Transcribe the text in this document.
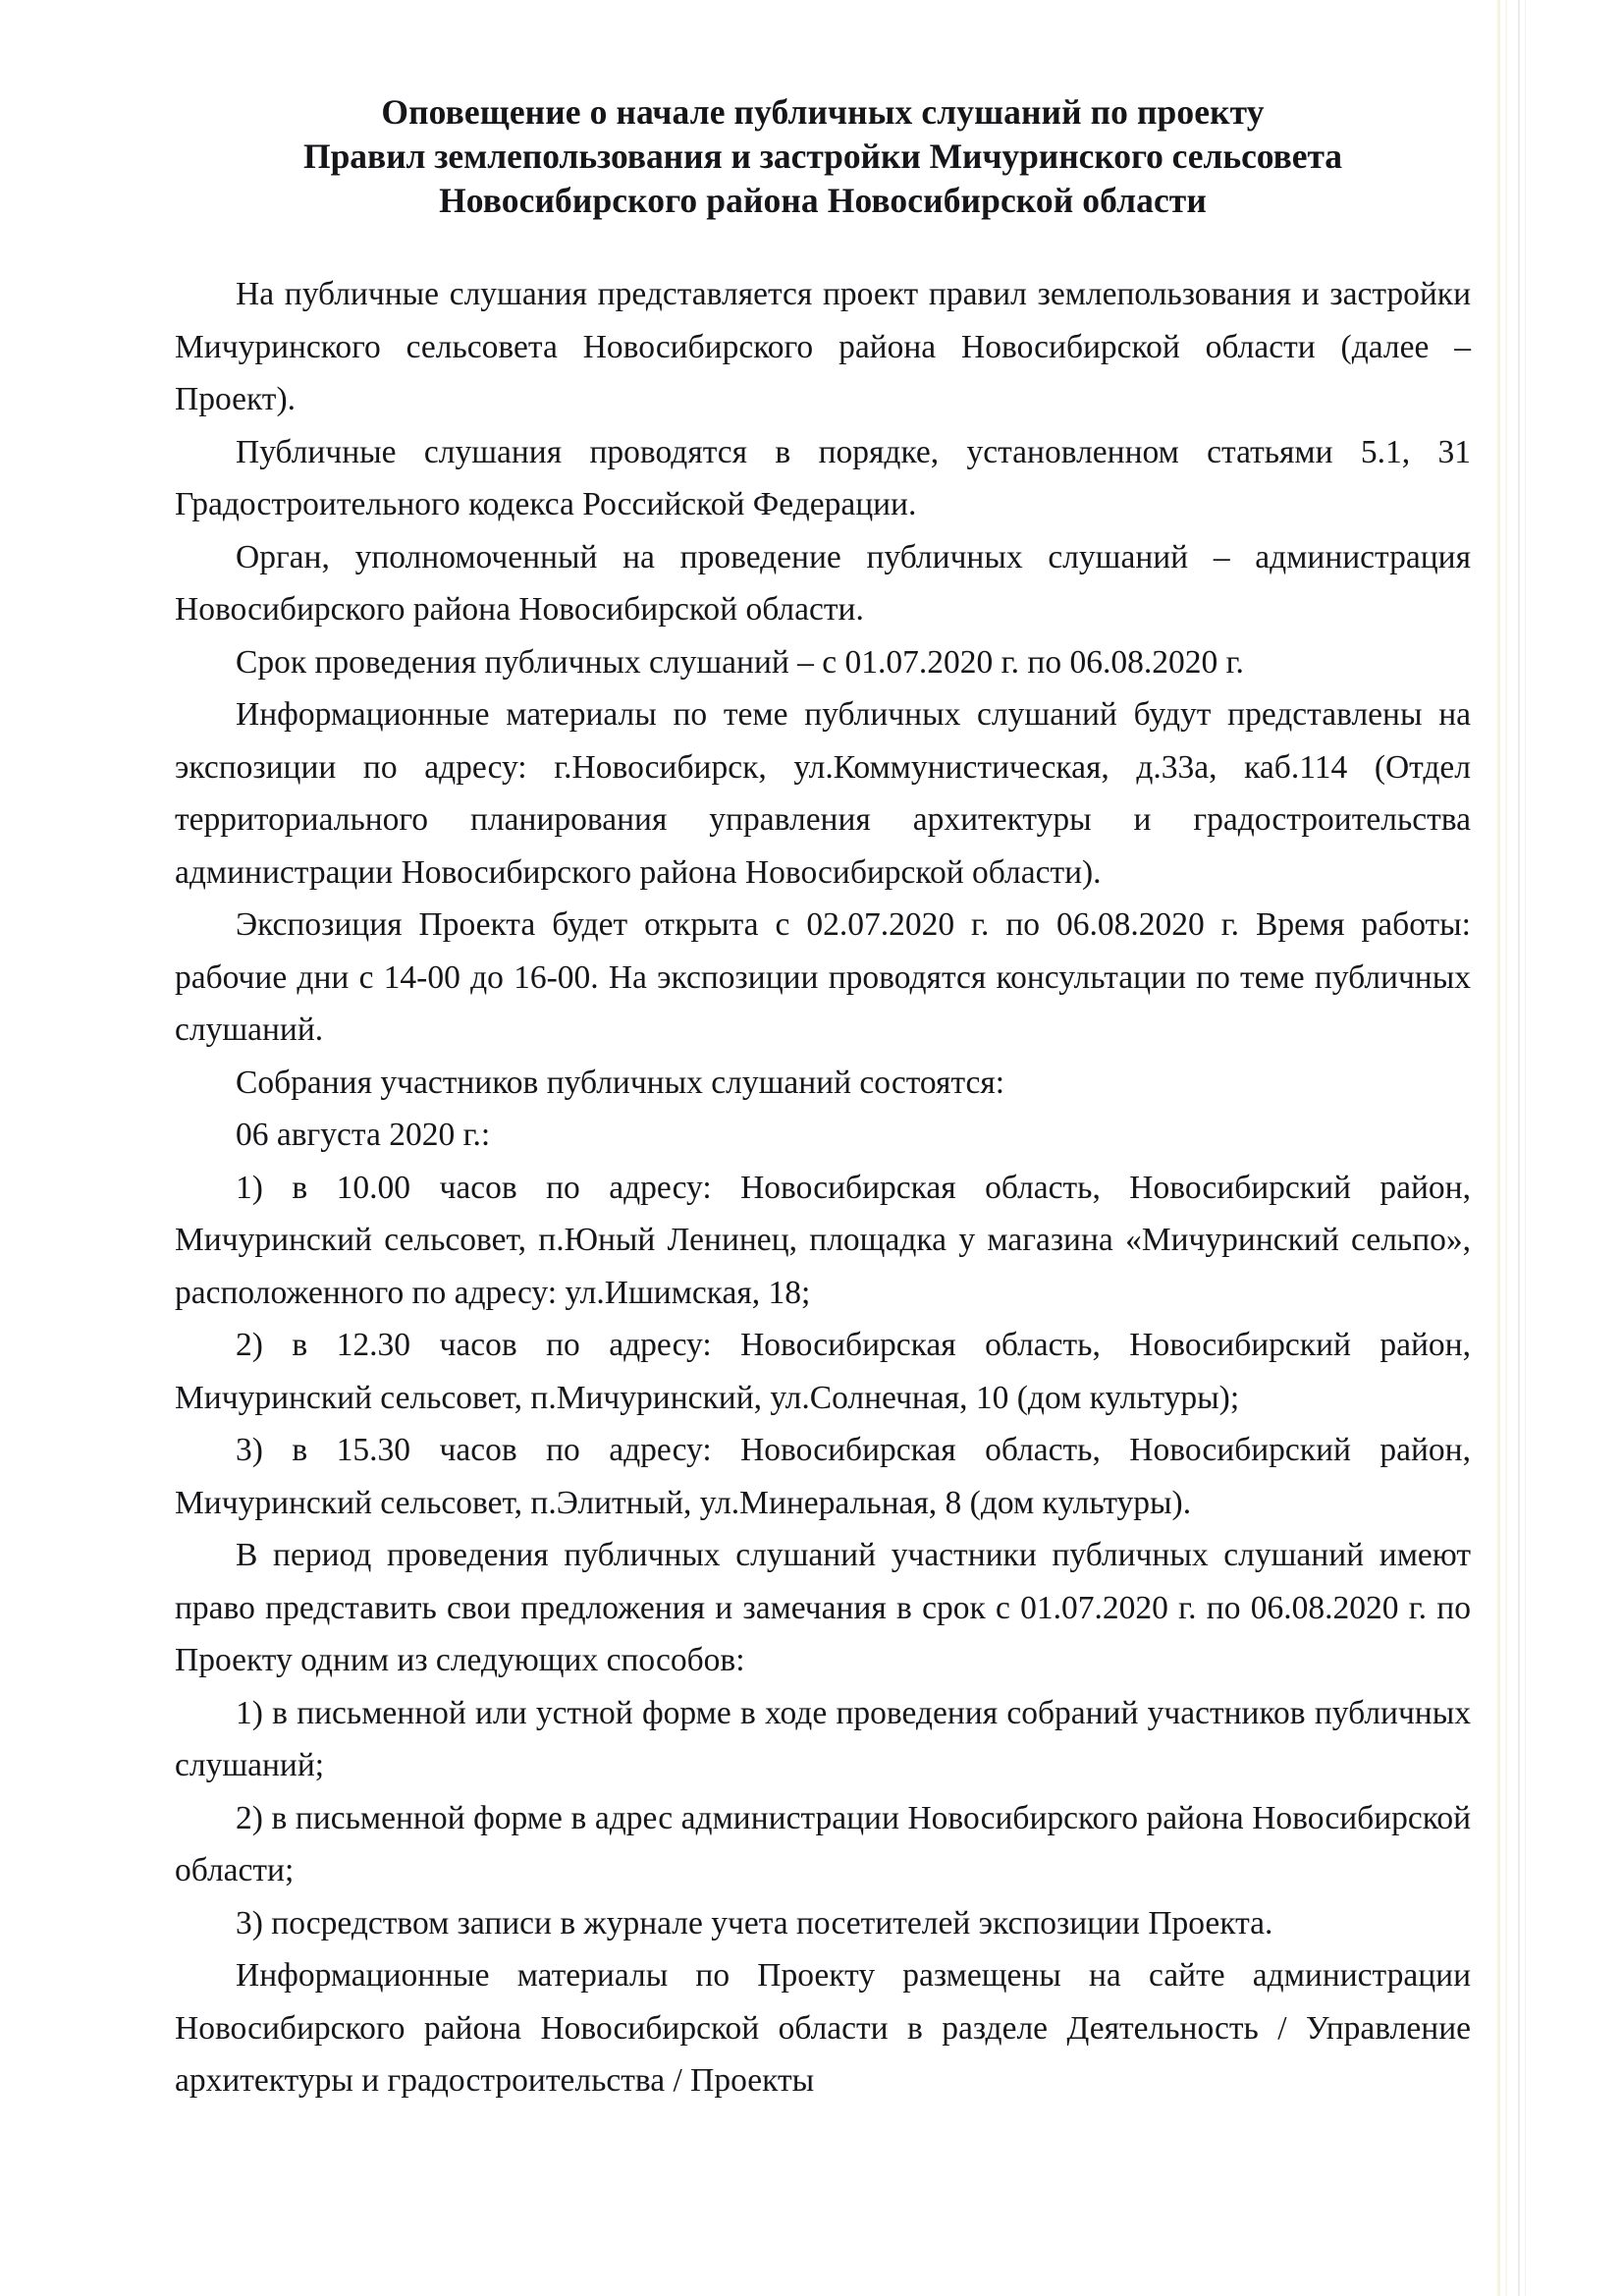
Оповещение о начале публичных слушаний по проекту
Правил землепользования и застройки Мичуринского сельсовета
Новосибирского района Новосибирской области

На публичные слушания представляется проект правил землепользования и застройки Мичуринского сельсовета Новосибирского района Новосибирской области (далее – Проект).

Публичные слушания проводятся в порядке, установленном статьями 5.1, 31 Градостроительного кодекса Российской Федерации.

Орган, уполномоченный на проведение публичных слушаний – администрация Новосибирского района Новосибирской области.

Срок проведения публичных слушаний – с 01.07.2020 г. по 06.08.2020 г.

Информационные материалы по теме публичных слушаний будут представлены на экспозиции по адресу: г.Новосибирск, ул.Коммунистическая, д.33а, каб.114 (Отдел территориального планирования управления архитектуры и градостроительства администрации Новосибирского района Новосибирской области).

Экспозиция Проекта будет открыта с 02.07.2020 г. по 06.08.2020 г. Время работы: рабочие дни с 14-00 до 16-00. На экспозиции проводятся консультации по теме публичных слушаний.

Собрания участников публичных слушаний состоятся:

06 августа 2020 г.:

1) в 10.00 часов по адресу: Новосибирская область, Новосибирский район, Мичуринский сельсовет, п.Юный Ленинец, площадка у магазина «Мичуринский сельпо», расположенного по адресу: ул.Ишимская, 18;

2) в 12.30 часов по адресу: Новосибирская область, Новосибирский район, Мичуринский сельсовет, п.Мичуринский, ул.Солнечная, 10 (дом культуры);

3) в 15.30 часов по адресу: Новосибирская область, Новосибирский район, Мичуринский сельсовет, п.Элитный, ул.Минеральная, 8 (дом культуры).

В период проведения публичных слушаний участники публичных слушаний имеют право представить свои предложения и замечания в срок с 01.07.2020 г. по 06.08.2020 г. по Проекту одним из следующих способов:

1) в письменной или устной форме в ходе проведения собраний участников публичных слушаний;

2) в письменной форме в адрес администрации Новосибирского района Новосибирской области;

3) посредством записи в журнале учета посетителей экспозиции Проекта.

Информационные материалы по Проекту размещены на сайте администрации Новосибирского района Новосибирской области в разделе Деятельность / Управление архитектуры и градостроительства / Проекты
